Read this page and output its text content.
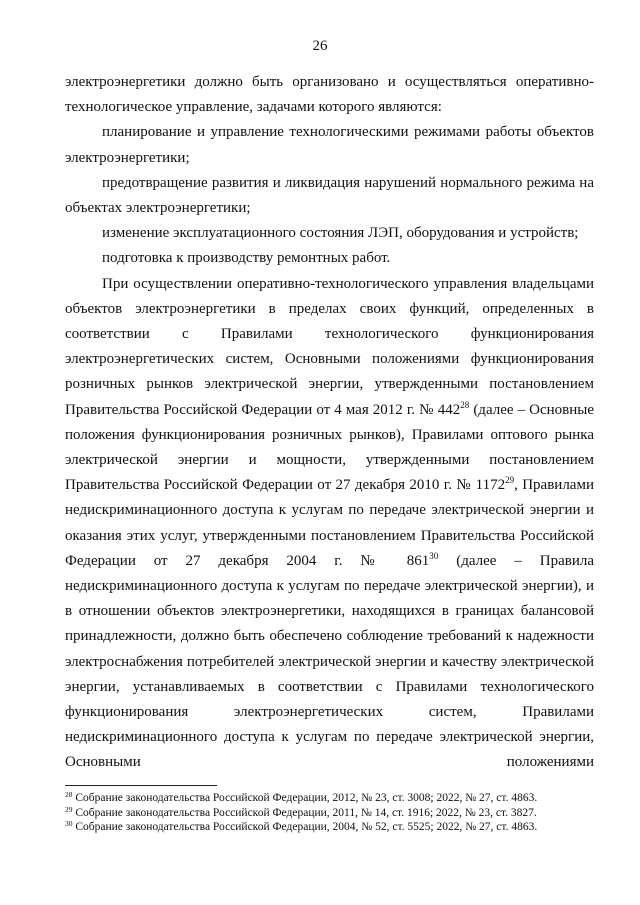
26

электроэнергетики должно быть организовано и осуществляться оперативно-технологическое управление, задачами которого являются:

планирование и управление технологическими режимами работы объектов электроэнергетики;

предотвращение развития и ликвидация нарушений нормального режима на объектах электроэнергетики;

изменение эксплуатационного состояния ЛЭП, оборудования и устройств;

подготовка к производству ремонтных работ.

При осуществлении оперативно-технологического управления владельцами объектов электроэнергетики в пределах своих функций, определенных в соответствии с Правилами технологического функционирования электроэнергетических систем, Основными положениями функционирования розничных рынков электрической энергии, утвержденными постановлением Правительства Российской Федерации от 4 мая 2012 г. № $442^{28}$ (далее – Основные положения функционирования розничных рынков), Правилами оптового рынка электрической энергии и мощности, утвержденными постановлением Правительства Российской Федерации от 27 декабря 2010 г. № 1172$^{29}$, Правилами недискриминационного доступа к услугам по передаче электрической энергии и оказания этих услуг, утвержденными постановлением Правительства Российской Федерации от 27 декабря 2004 г. № $861^{30}$ (далее – Правила недискриминационного доступа к услугам по передаче электрической энергии), и в отношении объектов электроэнергетики, находящихся в границах балансовой принадлежности, должно быть обеспечено соблюдение требований к надежности электроснабжения потребителей электрической энергии и качеству электрической энергии, устанавливаемых в соответствии с Правилами технологического функционирования электроэнергетических систем, Правилами недискриминационного доступа к услугам по передаче электрической энергии, Основными положениями

$^{28}$ Собрание законодательства Российской Федерации, 2012, № 23, ст. 3008; 2022, № 27, ст. 4863.

$^{29}$ Собрание законодательства Российской Федерации, 2011, № 14, ст. 1916; 2022, № 23, ст. 3827.

$^{30}$ Собрание законодательства Российской Федерации, 2004, № 52, ст. 5525; 2022, № 27, ст. 4863.
